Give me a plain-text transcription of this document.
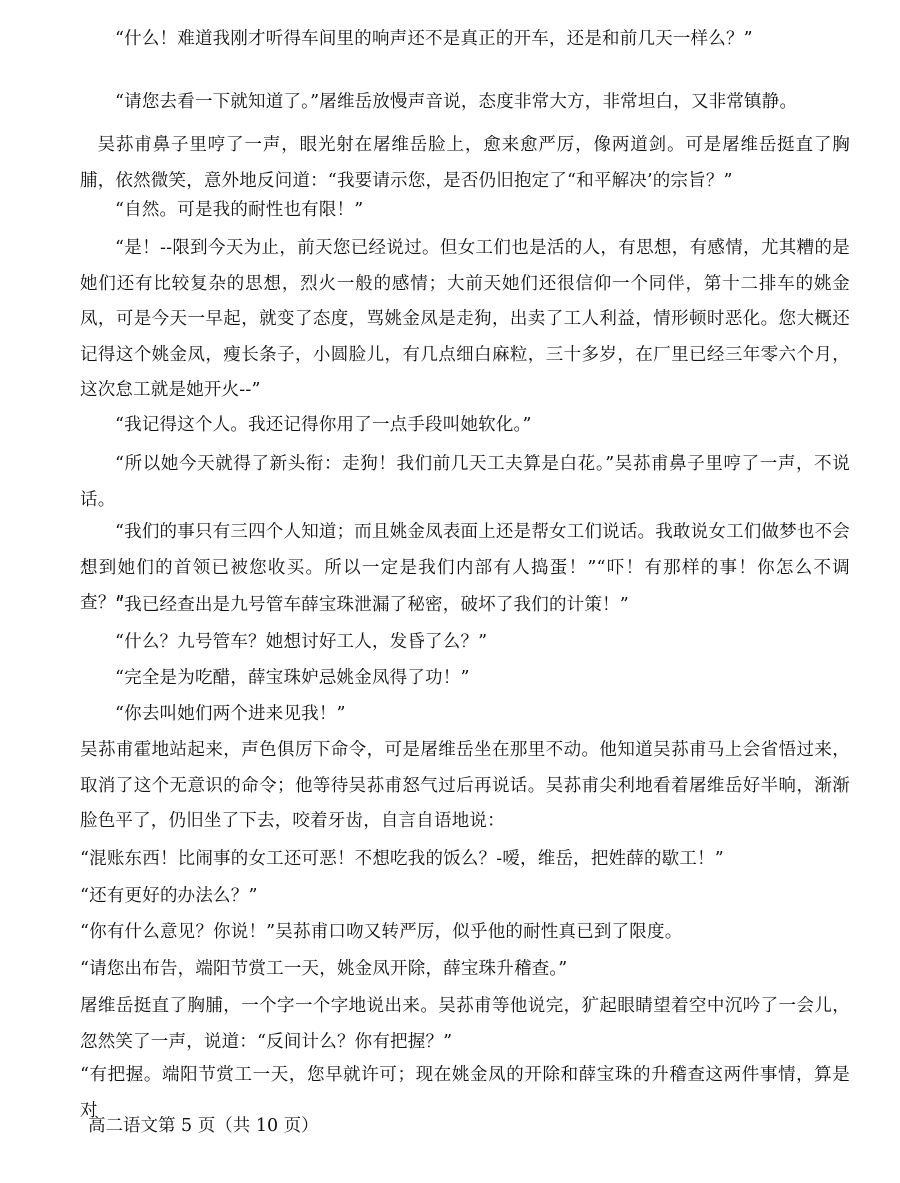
“什么！难道我刚才听得车间里的响声还不是真正的开车，还是和前几天一样么？”

“请您去看一下就知道了。”屠维岳放慢声音说，态度非常大方，非常坦白，又非常镇静。

吴荪甫鼻子里哼了一声，眼光射在屠维岳脸上，愈来愈严厉，像两道剑。可是屠维岳挺直了胸脯，依然微笑，意外地反问道：“我要请示您，是否仍旧抱定了“和平解决’的宗旨？”

“自然。可是我的耐性也有限！”

“是！--限到今天为止，前天您已经说过。但女工们也是活的人，有思想，有感情，尤其糟的是她们还有比较复杂的思想，烈火一般的感情；大前天她们还很信仰一个同伴，第十二排车的姚金凤，可是今天一早起，就变了态度，骂姚金凤是走狗，出卖了工人利益，情形顿时恶化。您大概还记得这个姚金凤，瘦长条子，小圆脸儿，有几点细白麻粒，三十多岁，在厂里已经三年零六个月，这次怠工就是她开火--”

“我记得这个人。我还记得你用了一点手段叫她软化。”

“所以她今天就得了新头衔：走狗！我们前几天工夫算是白花。”吴荪甫鼻子里哼了一声，不说话。

“我们的事只有三四个人知道；而且姚金凤表面上还是帮女工们说话。我敢说女工们做梦也不会想到她们的首领已被您收买。所以一定是我们内部有人捣蛋！”“吓！有那样的事！你怎么不调查？”

“我已经查出是九号管车薛宝珠泄漏了秘密，破坏了我们的计策！”

“什么？九号管车？她想讨好工人，发昏了么？”

“完全是为吃醋，薛宝珠妒忌姚金凤得了功！”

“你去叫她们两个进来见我！”

吴荪甫霍地站起来，声色俱厉下命令，可是屠维岳坐在那里不动。他知道吴荪甫马上会省悟过来，取消了这个无意识的命令；他等待吴荪甫怒气过后再说话。吴荪甫尖利地看着屠维岳好半晌，渐渐脸色平了，仍旧坐了下去，咬着牙齿，自言自语地说：

“混账东西！比闹事的女工还可恶！不想吃我的饭么？-嗳，维岳，把姓薛的歇工！”

“还有更好的办法么？”

“你有什么意见？你说！”吴荪甫口吻又转严厉，似乎他的耐性真已到了限度。

“请您出布告，端阳节赏工一天，姚金凤开除，薛宝珠升稽查。”

屠维岳挺直了胸脯，一个字一个字地说出来。吴荪甫等他说完，犷起眼睛望着空中沉吟了一会儿，忽然笑了一声，说道：“反间计么？你有把握？”

“有把握。端阳节赏工一天，您早就许可；现在姚金凤的开除和薛宝珠的升稽查这两件事情，算是对

高二语文第 5 页（共 10 页）
